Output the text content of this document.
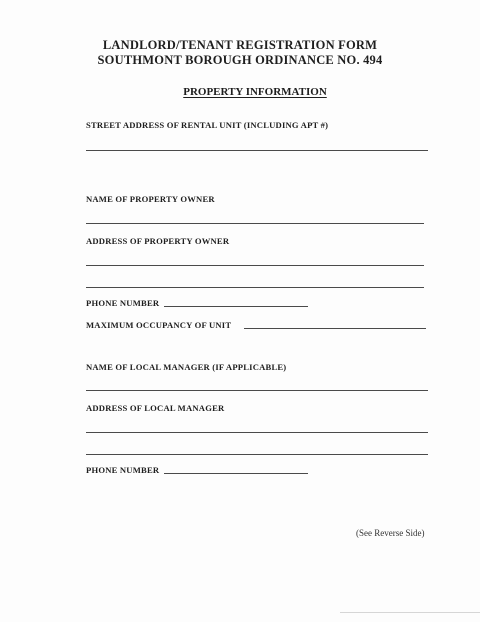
LANDLORD/TENANT REGISTRATION FORM
SOUTHMONT BOROUGH ORDINANCE NO. 494
PROPERTY INFORMATION
STREET ADDRESS OF RENTAL UNIT (INCLUDING APT #)
NAME OF PROPERTY OWNER
ADDRESS OF PROPERTY OWNER
PHONE NUMBER
MAXIMUM OCCUPANCY OF UNIT
NAME OF LOCAL MANAGER (IF APPLICABLE)
ADDRESS OF LOCAL MANAGER
PHONE NUMBER
(See Reverse Side)
